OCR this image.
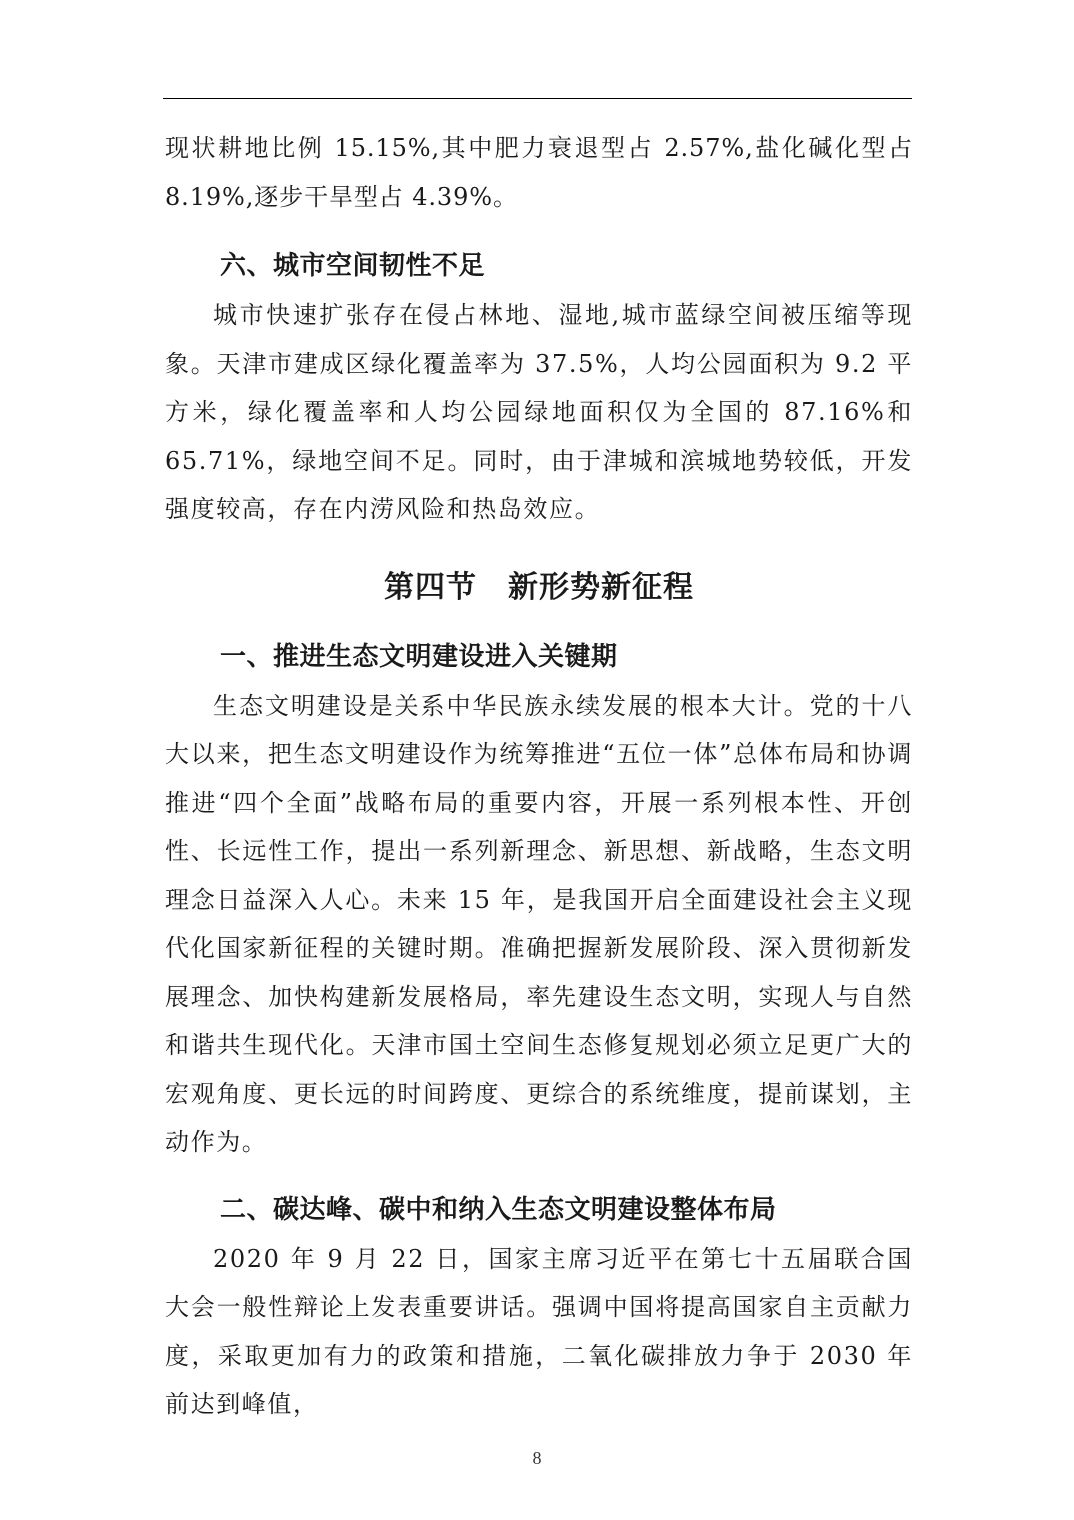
现状耕地比例 15.15%,其中肥力衰退型占 2.57%,盐化碱化型占 8.19%,逐步干旱型占 4.39%。

六、城市空间韧性不足

城市快速扩张存在侵占林地、湿地,城市蓝绿空间被压缩等现象。天津市建成区绿化覆盖率为 37.5%，人均公园面积为 9.2 平方米，绿化覆盖率和人均公园绿地面积仅为全国的 87.16%和 65.71%，绿地空间不足。同时，由于津城和滨城地势较低，开发强度较高，存在内涝风险和热岛效应。

第四节　新形势新征程
一、推进生态文明建设进入关键期

生态文明建设是关系中华民族永续发展的根本大计。党的十八大以来，把生态文明建设作为统筹推进“五位一体”总体布局和协调推进“四个全面”战略布局的重要内容，开展一系列根本性、开创性、长远性工作，提出一系列新理念、新思想、新战略，生态文明理念日益深入人心。未来 15 年，是我国开启全面建设社会主义现代化国家新征程的关键时期。准确把握新发展阶段、深入贯彻新发展理念、加快构建新发展格局，率先建设生态文明，实现人与自然和谐共生现代化。天津市国土空间生态修复规划必须立足更广大的宏观角度、更长远的时间跨度、更综合的系统维度，提前谋划，主动作为。

二、碳达峰、碳中和纳入生态文明建设整体布局

2020 年 9 月 22 日，国家主席习近平在第七十五届联合国大会一般性辩论上发表重要讲话。强调中国将提高国家自主贡献力度，采取更加有力的政策和措施，二氧化碳排放力争于 2030 年前达到峰值，

8
